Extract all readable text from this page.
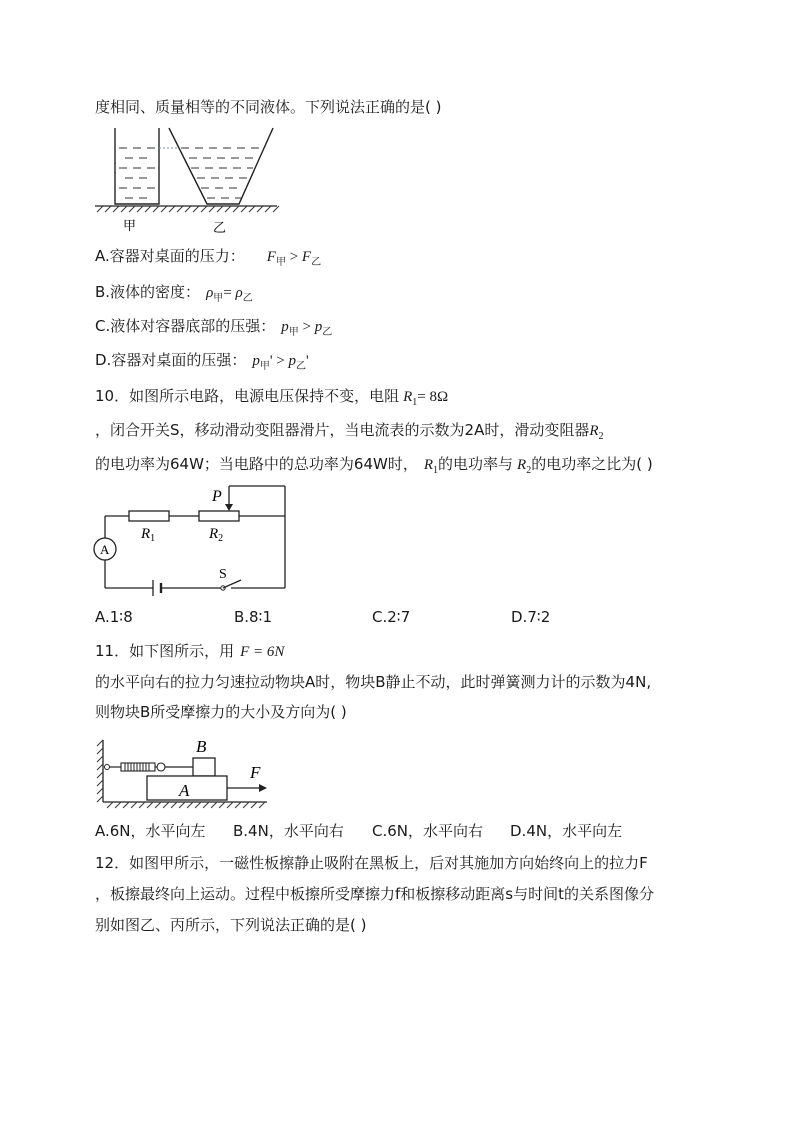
度相同、质量相等的不同液体。下列说法正确的是( )
甲	乙
A.容器对桌面的压力： $F_甲 > F_乙$
B.液体的密度： $\rho_甲= \rho_乙$
C.液体对容器底部的压强： $p_甲 > p_乙$
D.容器对桌面的压强： $p_甲' > p_乙'$
10．如图所示电路，电源电压保持不变，电阻 $R_1= 8\Omega$
，闭合开关S，移动滑动变阻器滑片，当电流表的示数为2A时，滑动变阻器$R_2$
的电功率为64W；当电路中的总功率为64W时， $R_1$的电功率与 $R_2$的电功率之比为( )
P
$R_1$	$R_2$
A
S
A.1∶8	B.8∶1	C.2∶7	D.7∶2
11．如下图所示，用 F = 6N
的水平向右的拉力匀速拉动物块A时，物块B静止不动，此时弹簧测力计的示数为4N,
则物块B所受摩擦力的大小及方向为( )
B
A
F
A.6N，水平向左 B.4N，水平向右 C.6N，水平向右 D.4N，水平向左
12．如图甲所示，一磁性板擦静止吸附在黑板上，后对其施加方向始终向上的拉力F
，板擦最终向上运动。过程中板擦所受摩擦力f和板擦移动距离s与时间t的关系图像分
别如图乙、丙所示，下列说法正确的是( )
